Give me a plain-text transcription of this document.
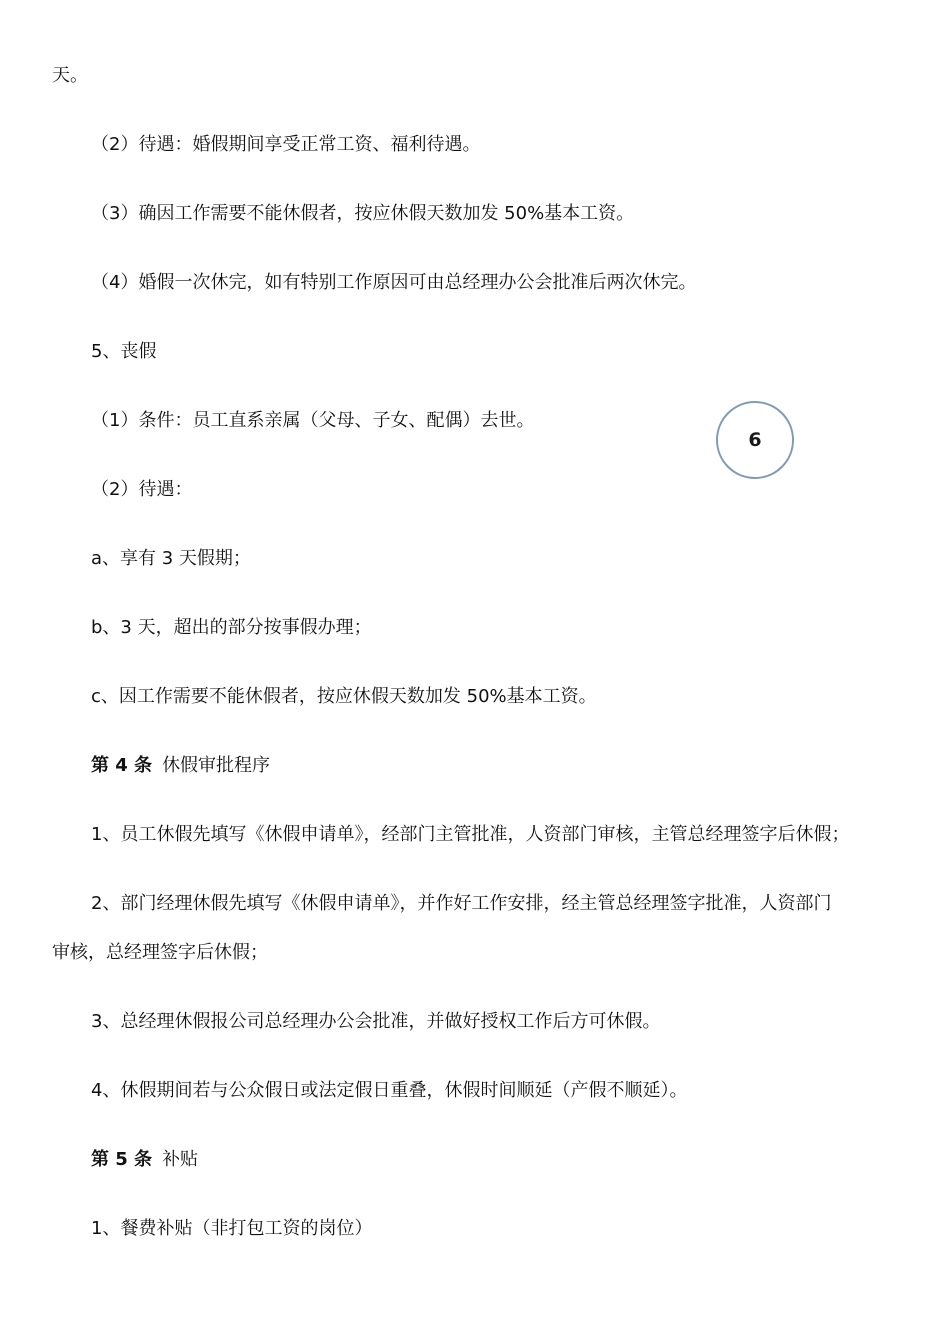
天。
（2）待遇：婚假期间享受正常工资、福利待遇。
（3）确因工作需要不能休假者，按应休假天数加发 50%基本工资。
（4）婚假一次休完，如有特别工作原因可由总经理办公会批准后两次休完。
5、丧假
（1）条件：员工直系亲属（父母、子女、配偶）去世。
（2）待遇：
a、享有 3 天假期；
b、3 天，超出的部分按事假办理；
c、因工作需要不能休假者，按应休假天数加发 50%基本工资。
第 4 条 休假审批程序
1、员工休假先填写《休假申请单》，经部门主管批准，人资部门审核，主管总经理签字后休假；
2、部门经理休假先填写《休假申请单》，并作好工作安排，经主管总经理签字批准，人资部门
审核，总经理签字后休假；
3、总经理休假报公司总经理办公会批准，并做好授权工作后方可休假。
4、休假期间若与公众假日或法定假日重叠，休假时间顺延（产假不顺延）。
第 5 条 补贴
1、餐费补贴（非打包工资的岗位）
6
